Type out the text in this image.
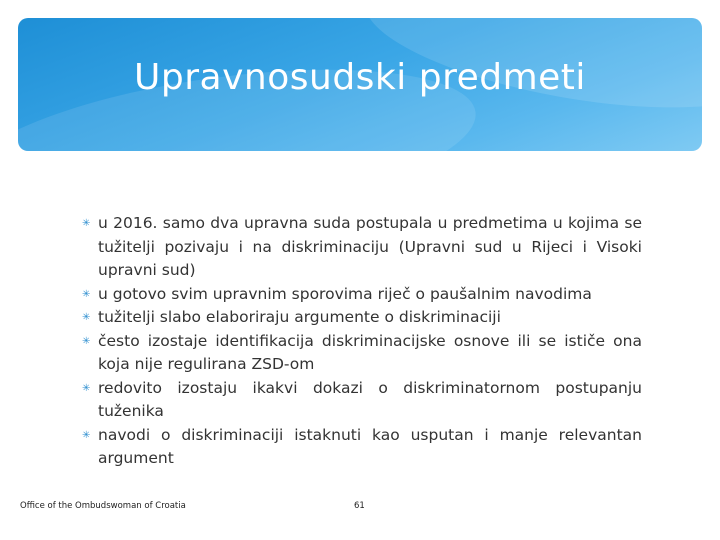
Upravnosudski predmeti
✳ u 2016. samo dva upravna suda postupala u predmetima u kojima se tužitelji pozivaju i na diskriminaciju (Upravni sud u Rijeci i Visoki upravni sud)
✳ u gotovo svim upravnim sporovima riječ o paušalnim navodima
✳ tužitelji slabo elaboriraju argumente o diskriminaciji
✳ često izostaje identifikacija diskriminacijske osnove ili se ističe ona koja nije regulirana ZSD-om
✳ redovito izostaju ikakvi dokazi o diskriminatornom postupanju tuženika
✳ navodi o diskriminaciji istaknuti kao usputan i manje relevantan argument
Office of the Ombudswoman of Croatia	61
